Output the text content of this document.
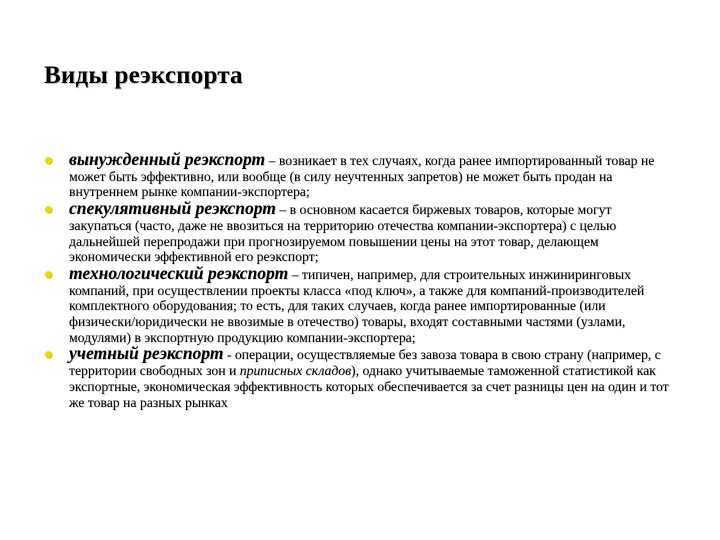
Виды реэкспорта
вынужденный реэкспорт – возникает в тех случаях, когда ранее импортированный товар не может быть эффективно, или вообще (в силу неучтенных запретов) не может быть продан на внутреннем рынке компании-экспортера;
спекулятивный реэкспорт – в основном касается биржевых товаров, которые могут закупаться (часто, даже не ввозиться на территорию отечества компании-экспортера) с целью дальнейшей перепродажи при прогнозируемом повышении цены на этот товар, делающем экономически эффективной его реэкспорт;
технологический реэкспорт – типичен, например, для строительных инжиниринговых компаний, при осуществлении проекты класса «под ключ», а также для компаний-производителей комплектного оборудования; то есть, для таких случаев, когда ранее импортированные (или физически/юридически не ввозимые в отечество) товары, входят составными частями (узлами, модулями) в экспортную продукцию компании-экспортера;
учетный реэкспорт - операции, осуществляемые без завоза товара в свою страну (например, с территории свободных зон и приписных складов), однако учитываемые таможенной статистикой как экспортные, экономическая эффективность которых обеспечивается за счет разницы цен на один и тот же товар на разных рынках
